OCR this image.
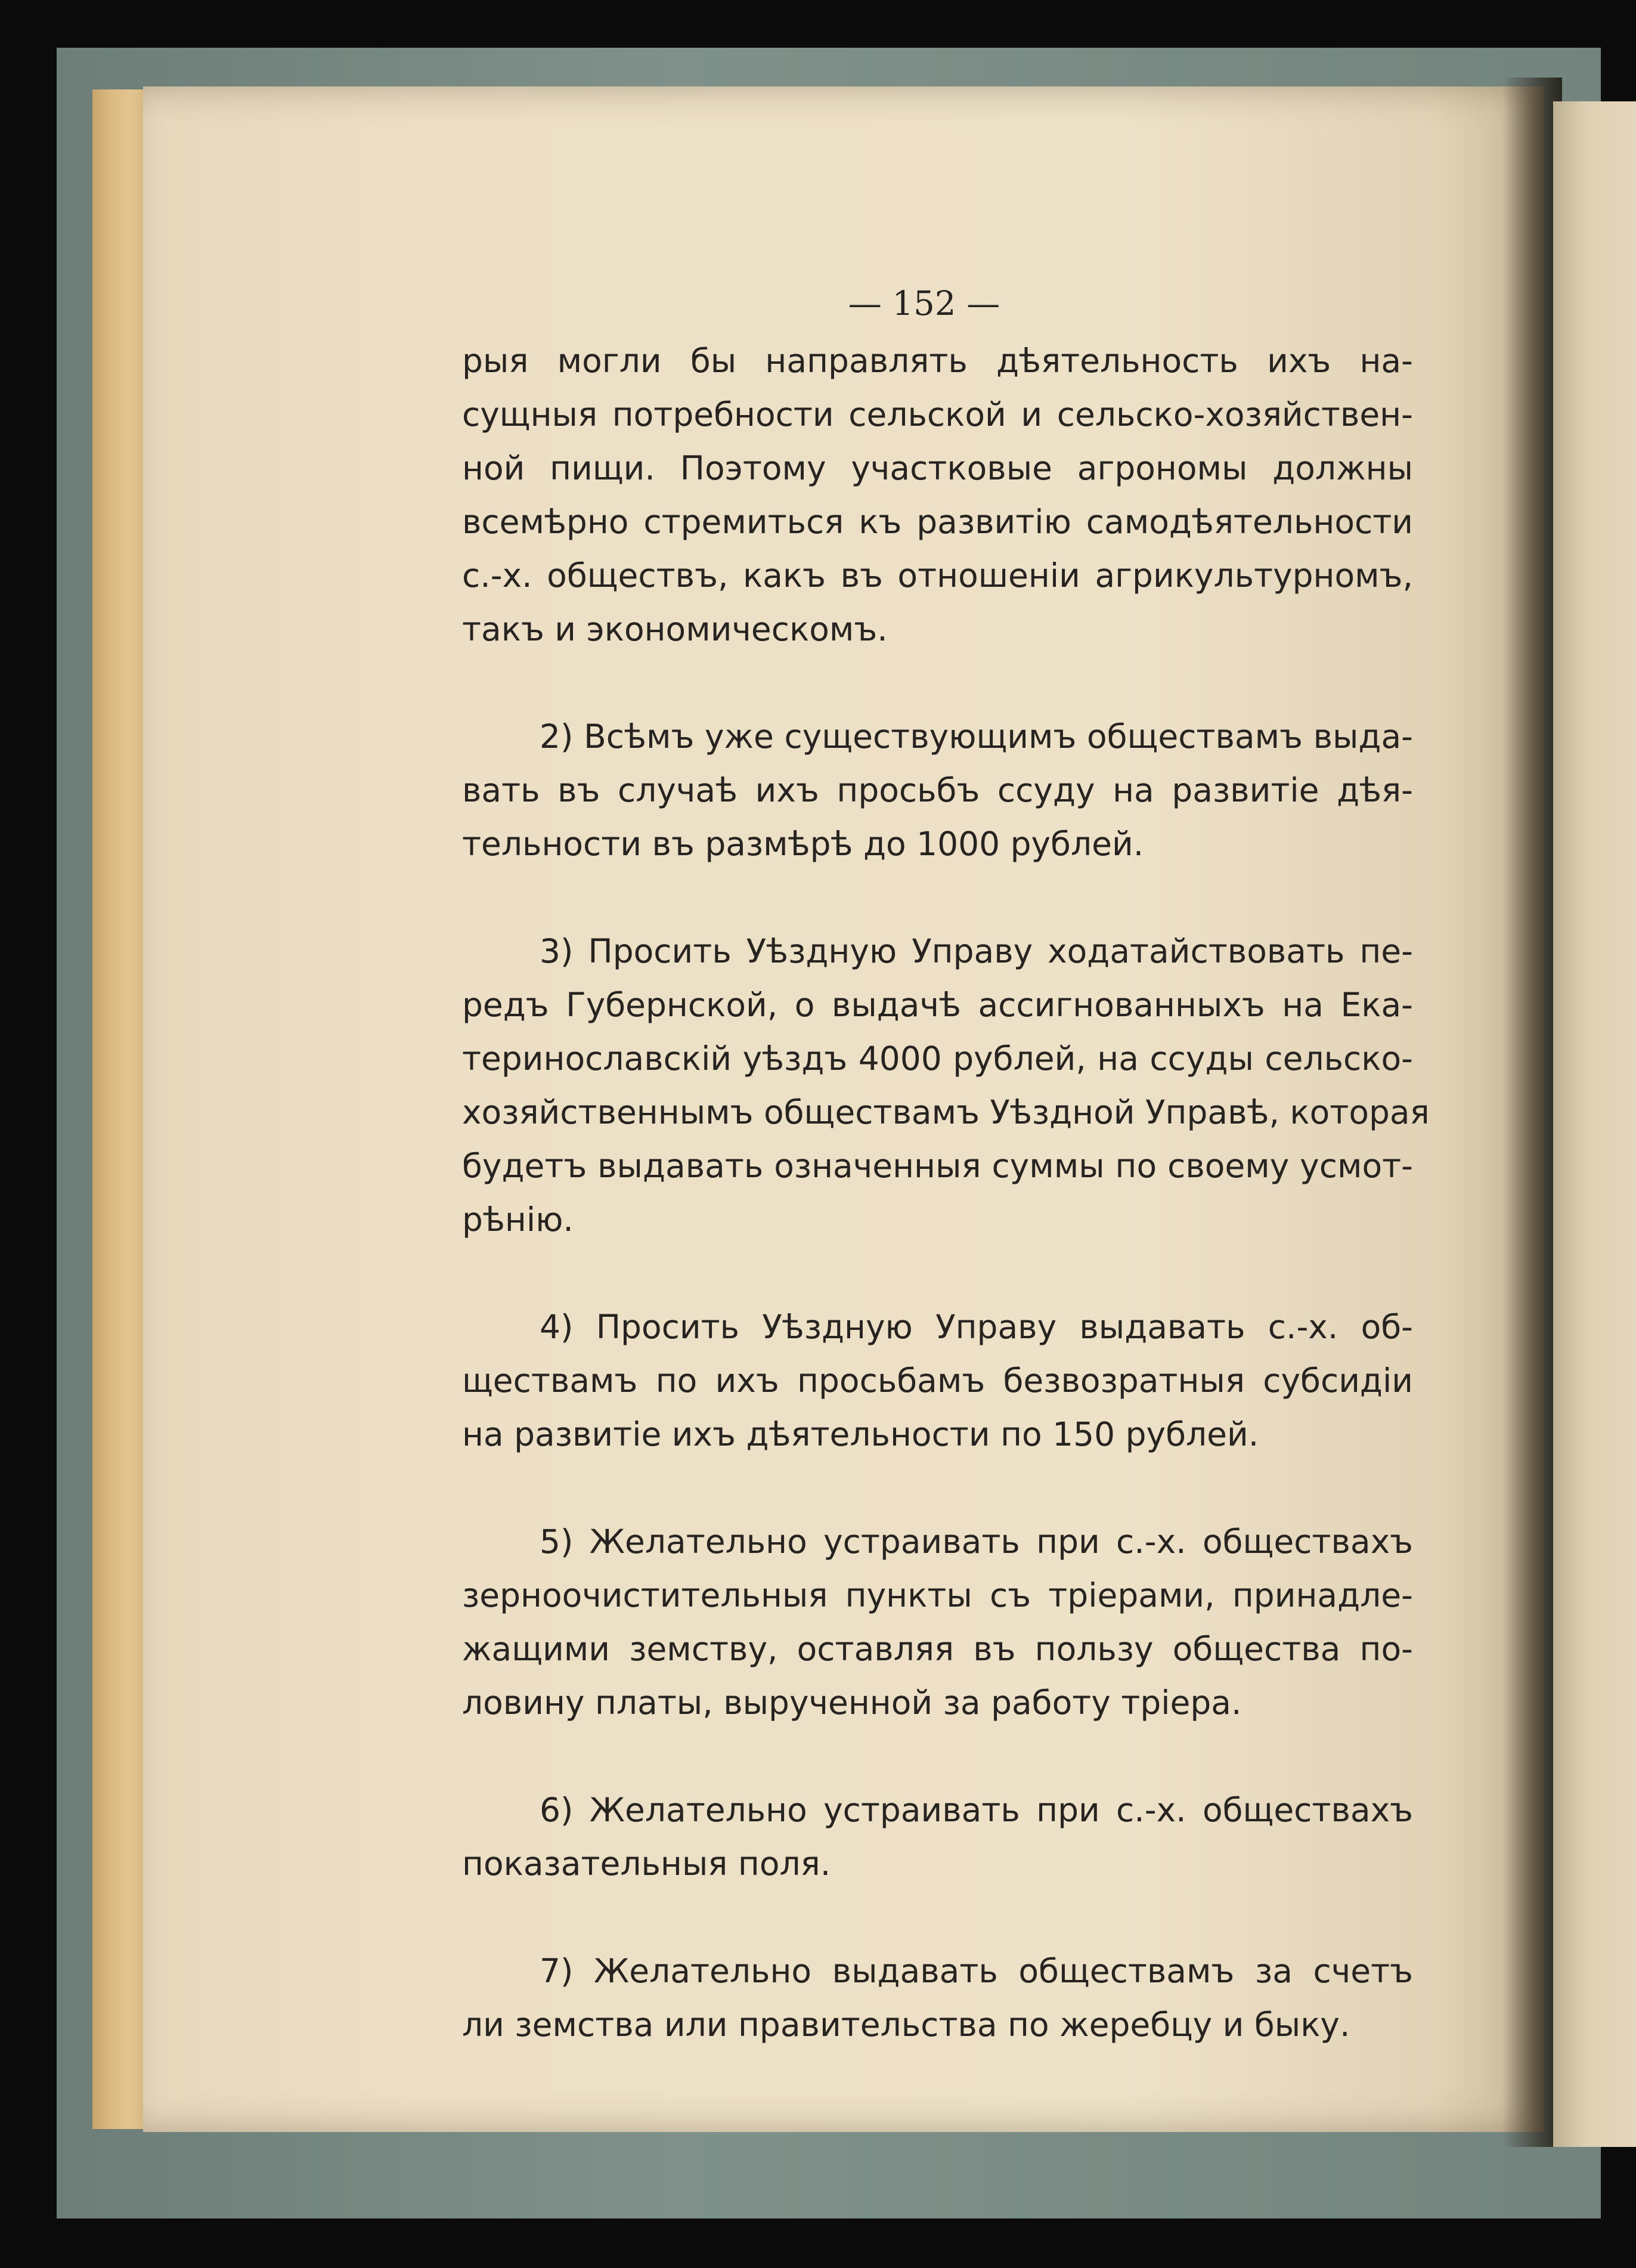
— 152 —
рыя могли бы направлять дѣятельность ихъ на-
сущныя потребности сельской и сельско-хозяйствен-
ной пищи. Поэтому участковые агрономы должны
всемѣрно стремиться къ развитiю самодѣятельности
с.-х. обществъ, какъ въ отношенiи агрикультурномъ,
такъ и экономическомъ.
2) Всѣмъ уже существующимъ обществамъ выда-
вать въ случаѣ ихъ просьбъ ссуду на развитiе дѣя-
тельности въ размѣрѣ до 1000 рублей.
3) Просить Уѣздную Управу ходатайствовать пе-
редъ Губернской, о выдачѣ ассигнованныхъ на Ека-
теринославскiй уѣздъ 4000 рублей, на ссуды сельско-
хозяйственнымъ обществамъ Уѣздной Управѣ, которая
будетъ выдавать означенныя суммы по своему усмот-
рѣнiю.
4) Просить Уѣздную Управу выдавать с.-х. об-
ществамъ по ихъ просьбамъ безвозратныя субсидiи
на развитiе ихъ дѣятельности по 150 рублей.
5) Желательно устраивать при с.-х. обществахъ
зерноочистительныя пункты съ трiерами, принадле-
жащими земству, оставляя въ пользу общества по-
ловину платы, вырученной за работу трiера.
6) Желательно устраивать при с.-х. обществахъ
показательныя поля.
7) Желательно выдавать обществамъ за счетъ
ли земства или правительства по жеребцу и быку.
